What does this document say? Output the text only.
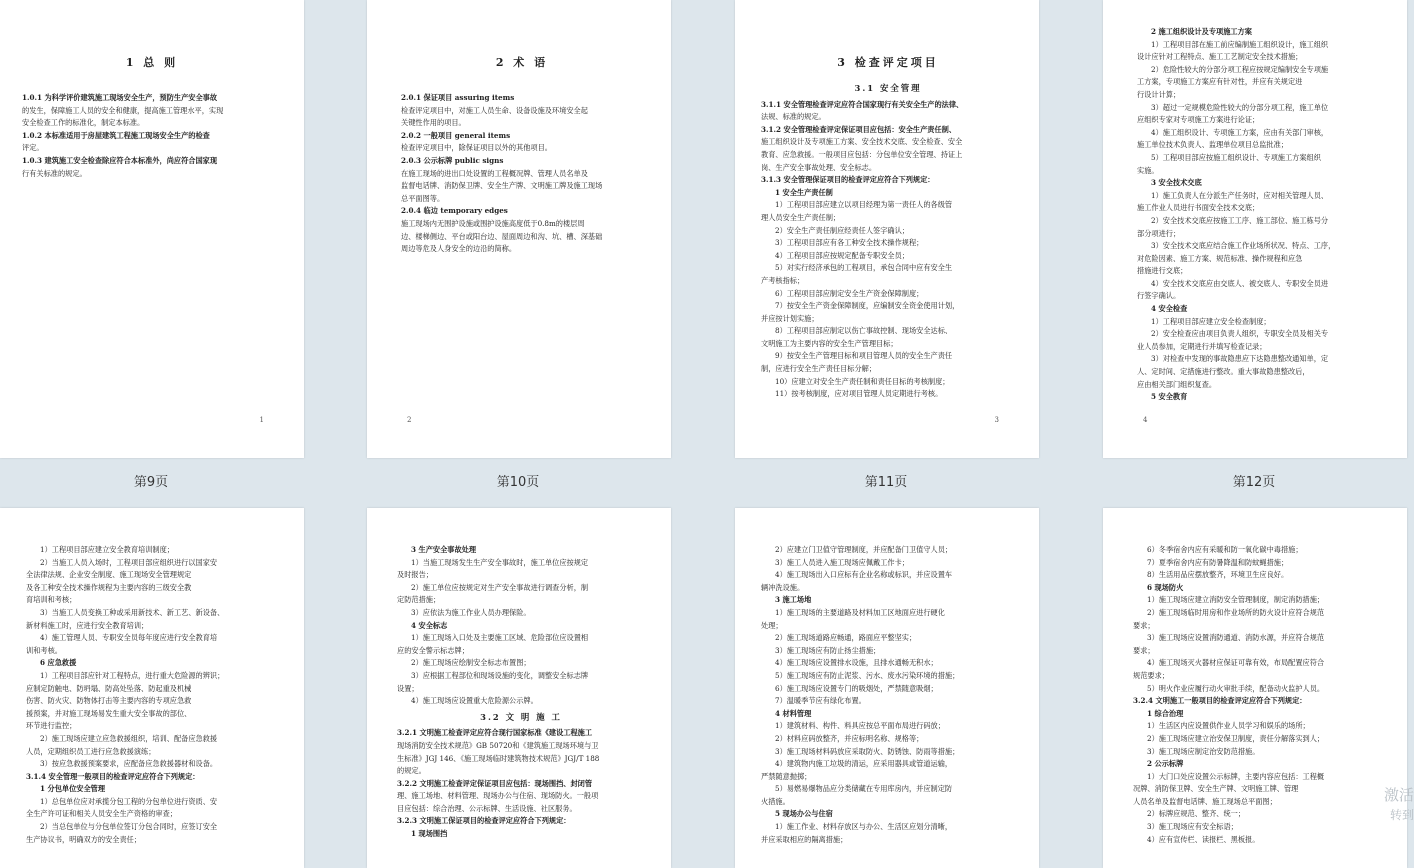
1 总 则
1.0.1 为科学评价建筑施工现场安全生产，预防生产安全事故
的发生，保障施工人员的安全和健康，提高施工管理水平，实现
安全检查工作的标准化，制定本标准。
1.0.2 本标准适用于房屋建筑工程施工现场安全生产的检查
评定。
1.0.3 建筑施工安全检查除应符合本标准外，尚应符合国家现
行有关标准的规定。
1
第9页
2 术 语
2.0.1 保证项目 assuring items
检查评定项目中，对施工人员生命、设备设施及环境安全起
关键性作用的项目。
2.0.2 一般项目 general items
检查评定项目中，除保证项目以外的其他项目。
2.0.3 公示标牌 public signs
在施工现场的进出口处设置的工程概况牌、管理人员名单及
监督电话牌、消防保卫牌、安全生产牌、文明施工牌及施工现场
总平面图等。
2.0.4 临边 temporary edges
施工现场内无围护设施或围护设施高度低于0.8m的楼层周
边、楼梯侧边、平台或阳台边、屋面周边和沟、坑、槽、深基础
周边等危及人身安全的边沿的简称。
2
第10页
3 检查评定项目
3.1 安全管理
3.1.1 安全管理检查评定应符合国家现行有关安全生产的法律、
法规、标准的规定。
3.1.2 安全管理检查评定保证项目应包括：安全生产责任制、
施工组织设计及专项施工方案、安全技术交底、安全检查、安全
教育、应急救援。一般项目应包括：分包单位安全管理、持证上
岗、生产安全事故处理、安全标志。
3.1.3 安全管理保证项目的检查评定应符合下列规定：
1 安全生产责任制
1）工程项目部应建立以项目经理为第一责任人的各级管
理人员安全生产责任制；
2）安全生产责任制应经责任人签字确认；
3）工程项目部应有各工种安全技术操作规程；
4）工程项目部应按规定配备专职安全员；
5）对实行经济承包的工程项目，承包合同中应有安全生
产考核指标；
6）工程项目部应制定安全生产资金保障制度；
7）按安全生产资金保障制度，应编制安全资金使用计划，
并应按计划实施；
8）工程项目部应制定以伤亡事故控制、现场安全达标、
文明施工为主要内容的安全生产管理目标；
9）按安全生产管理目标和项目管理人员的安全生产责任
制，应进行安全生产责任目标分解；
10）应建立对安全生产责任制和责任目标的考核制度；
11）按考核制度，应对项目管理人员定期进行考核。
3
第11页
2 施工组织设计及专项施工方案
1）工程项目部在施工前应编制施工组织设计，施工组织
设计应针对工程特点、施工工艺制定安全技术措施；
2）危险性较大的分部分项工程应按规定编制安全专项施
工方案，专项施工方案应有针对性，并应有关规定进
行设计计算；
3）超过一定规模危险性较大的分部分项工程，施工单位
应组织专家对专项施工方案进行论证；
4）施工组织设计、专项施工方案，应由有关部门审核，
施工单位技术负责人、监理单位项目总监批准；
5）工程项目部应按施工组织设计、专项施工方案组织
实施。
3 安全技术交底
1）施工负责人在分派生产任务时，应对相关管理人员、
施工作业人员进行书面安全技术交底；
2）安全技术交底应按施工工序、施工部位、施工栋号分
部分项进行；
3）安全技术交底应结合施工作业场所状况、特点、工序，
对危险因素、施工方案、规范标准、操作规程和应急
措施进行交底；
4）安全技术交底应由交底人、被交底人、专职安全员进
行签字确认。
4 安全检查
1）工程项目部应建立安全检查制度；
2）安全检查应由项目负责人组织，专职安全员及相关专
业人员参加，定期进行并填写检查记录；
3）对检查中发现的事故隐患应下达隐患整改通知单，定
人、定时间、定措施进行整改。重大事故隐患整改后，
应由相关部门组织复查。
5 安全教育
4
第12页
1）工程项目部应建立安全教育培训制度；
2）当施工人员入场时，工程项目部应组织进行以国家安
全法律法规、企业安全制度、施工现场安全管理规定
及各工种安全技术操作规程为主要内容的三级安全教
育培训和考核；
3）当施工人员变换工种或采用新技术、新工艺、新设备、
新材料施工时，应进行安全教育培训；
4）施工管理人员、专职安全员每年度应进行安全教育培
训和考核。
6 应急救援
1）工程项目部应针对工程特点，进行重大危险源的辨识；
应制定防触电、防坍塌、防高处坠落、防起重及机械
伤害、防火灾、防物体打击等主要内容的专项应急救
援预案，并对施工现场易发生重大安全事故的部位、
环节进行监控；
2）施工现场应建立应急救援组织，培训、配备应急救援
人员，定期组织员工进行应急救援演练；
3）按应急救援预案要求，应配备应急救援器材和设备。
3.1.4 安全管理一般项目的检查评定应符合下列规定：
1 分包单位安全管理
1）总包单位应对承揽分包工程的分包单位进行资质、安
全生产许可证和相关人员安全生产资格的审查；
2）当总包单位与分包单位签订分包合同时，应签订安全
生产协议书，明确双方的安全责任；
3 生产安全事故处理
1）当施工现场发生生产安全事故时，施工单位应按规定
及时报告；
2）施工单位应按规定对生产安全事故进行调查分析，制
定防范措施；
3）应依法为施工作业人员办理保险。
4 安全标志
1）施工现场入口处及主要施工区域、危险部位应设置相
应的安全警示标志牌；
2）施工现场应绘制安全标志布置图；
3）应根据工程部位和现场设施的变化，调整安全标志牌
设置；
4）施工现场应设置重大危险源公示牌。
3.2 文 明 施 工
3.2.1 文明施工检查评定应符合现行国家标准《建设工程施工
现场消防安全技术规范》GB 50720和《建筑施工现场环境与卫
生标准》JGJ 146、《施工现场临时建筑物技术规范》JGJ/T 188
的规定。
3.2.2 文明施工检查评定保证项目应包括：现场围挡、封闭管
理、施工场地、材料管理、现场办公与住宿、现场防火。一般项
目应包括：综合治理、公示标牌、生活设施、社区服务。
3.2.3 文明施工保证项目的检查评定应符合下列规定：
1 现场围挡
2）应建立门卫值守管理制度，并应配备门卫值守人员；
3）施工人员进入施工现场应佩戴工作卡；
4）施工现场出入口应标有企业名称或标识，并应设置车
辆冲洗设施。
3 施工场地
1）施工现场的主要道路及材料加工区地面应进行硬化
处理；
2）施工现场道路应畅通，路面应平整坚实；
3）施工现场应有防止扬尘措施；
4）施工现场应设置排水设施，且排水通畅无积水；
5）施工现场应有防止泥浆、污水、废水污染环境的措施；
6）施工现场应设置专门的吸烟处，严禁随意吸烟；
7）温暖季节应有绿化布置。
4 材料管理
1）建筑材料、构件、料具应按总平面布局进行码放；
2）材料应码放整齐，并应标明名称、规格等；
3）施工现场材料码放应采取防火、防锈蚀、防雨等措施；
4）建筑物内施工垃圾的清运，应采用器具或管道运输，
严禁随意抛掷；
5）易燃易爆物品应分类储藏在专用库房内，并应制定防
火措施。
5 现场办公与住宿
1）施工作业、材料存放区与办公、生活区应划分清晰，
并应采取相应的隔离措施；
6）冬季宿舍内应有采暖和防一氧化碳中毒措施；
7）夏季宿舍内应有防暑降温和防蚊蝇措施；
8）生活用品应摆放整齐，环境卫生应良好。
6 现场防火
1）施工现场应建立消防安全管理制度，制定消防措施；
2）施工现场临时用房和作业场所的防火设计应符合规范
要求；
3）施工现场应设置消防通道、消防水源，并应符合规范
要求；
4）施工现场灭火器材应保证可靠有效，布局配置应符合
规范要求；
5）明火作业应履行动火审批手续，配备动火监护人员。
3.2.4 文明施工一般项目的检查评定应符合下列规定：
1 综合治理
1）生活区内应设置供作业人员学习和娱乐的场所；
2）施工现场应建立治安保卫制度，责任分解落实到人；
3）施工现场应制定治安防范措施。
2 公示标牌
1）大门口处应设置公示标牌，主要内容应包括：工程概
况牌、消防保卫牌、安全生产牌、文明施工牌、管理
人员名单及监督电话牌、施工现场总平面图；
2）标牌应规范、整齐、统一；
3）施工现场应有安全标语；
4）应有宣传栏、读报栏、黑板报。
激活
转到
